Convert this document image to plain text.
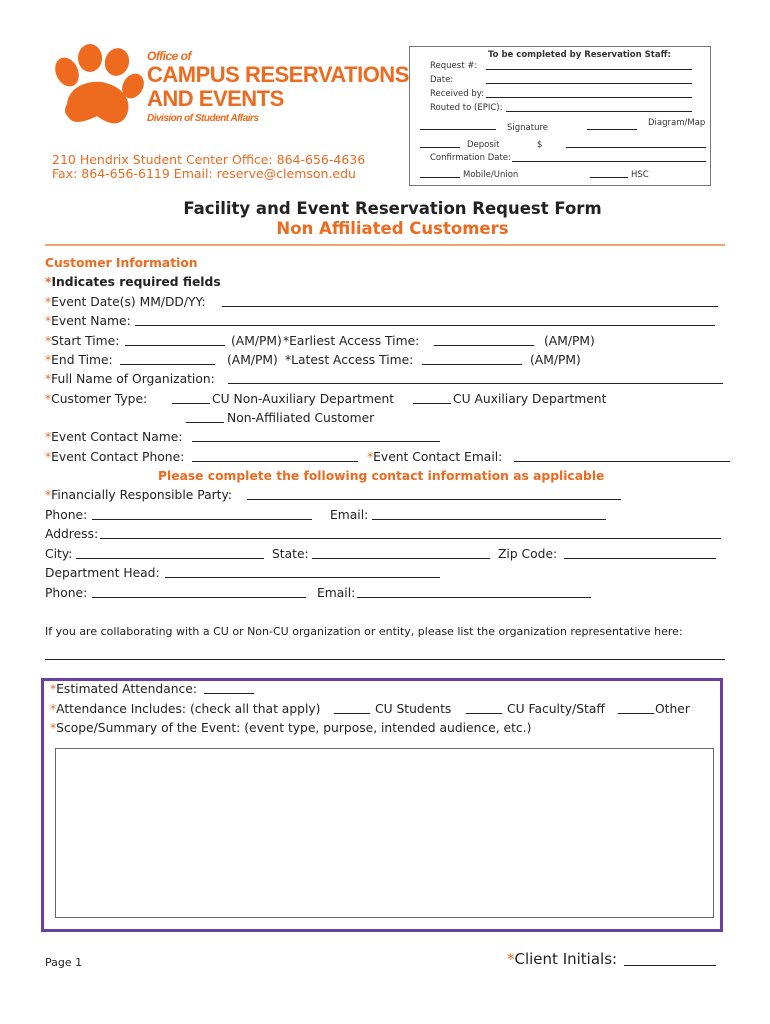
Office of
CAMPUS RESERVATIONS
AND EVENTS
Division of Student Affairs
210 Hendrix Student Center Office: 864-656-4636
Fax: 864-656-6119 Email: reserve@clemson.edu
To be completed by Reservation Staff:
Request #:
Date:
Received by:
Routed to (EPIC):
Diagram/Map
Signature
Deposit	$
Confirmation Date:
Mobile/Union	HSC
Facility and Event Reservation Request Form
Non Affiliated Customers
Customer Information
*Indicates required fields
*Event Date(s) MM/DD/YY:
*Event Name:
*Start Time:	(AM/PM) *Earliest Access Time:	(AM/PM)
*End Time:	(AM/PM) *Latest Access Time:	(AM/PM)
*Full Name of Organization:
*Customer Type:	CU Non-Auxiliary Department	CU Auxiliary Department
Non-Affiliated Customer
*Event Contact Name:
*Event Contact Phone:	*Event Contact Email:
Please complete the following contact information as applicable
*Financially Responsible Party:
Phone:	Email:
Address:
City:	State:	Zip Code:
Department Head:
Phone:	Email:
If you are collaborating with a CU or Non-CU organization or entity, please list the organization representative here:
*Estimated Attendance:
*Attendance Includes: (check all that apply)	CU Students	CU Faculty/Staff	Other
*Scope/Summary of the Event: (event type, purpose, intended audience, etc.)
Page 1	*Client Initials:
